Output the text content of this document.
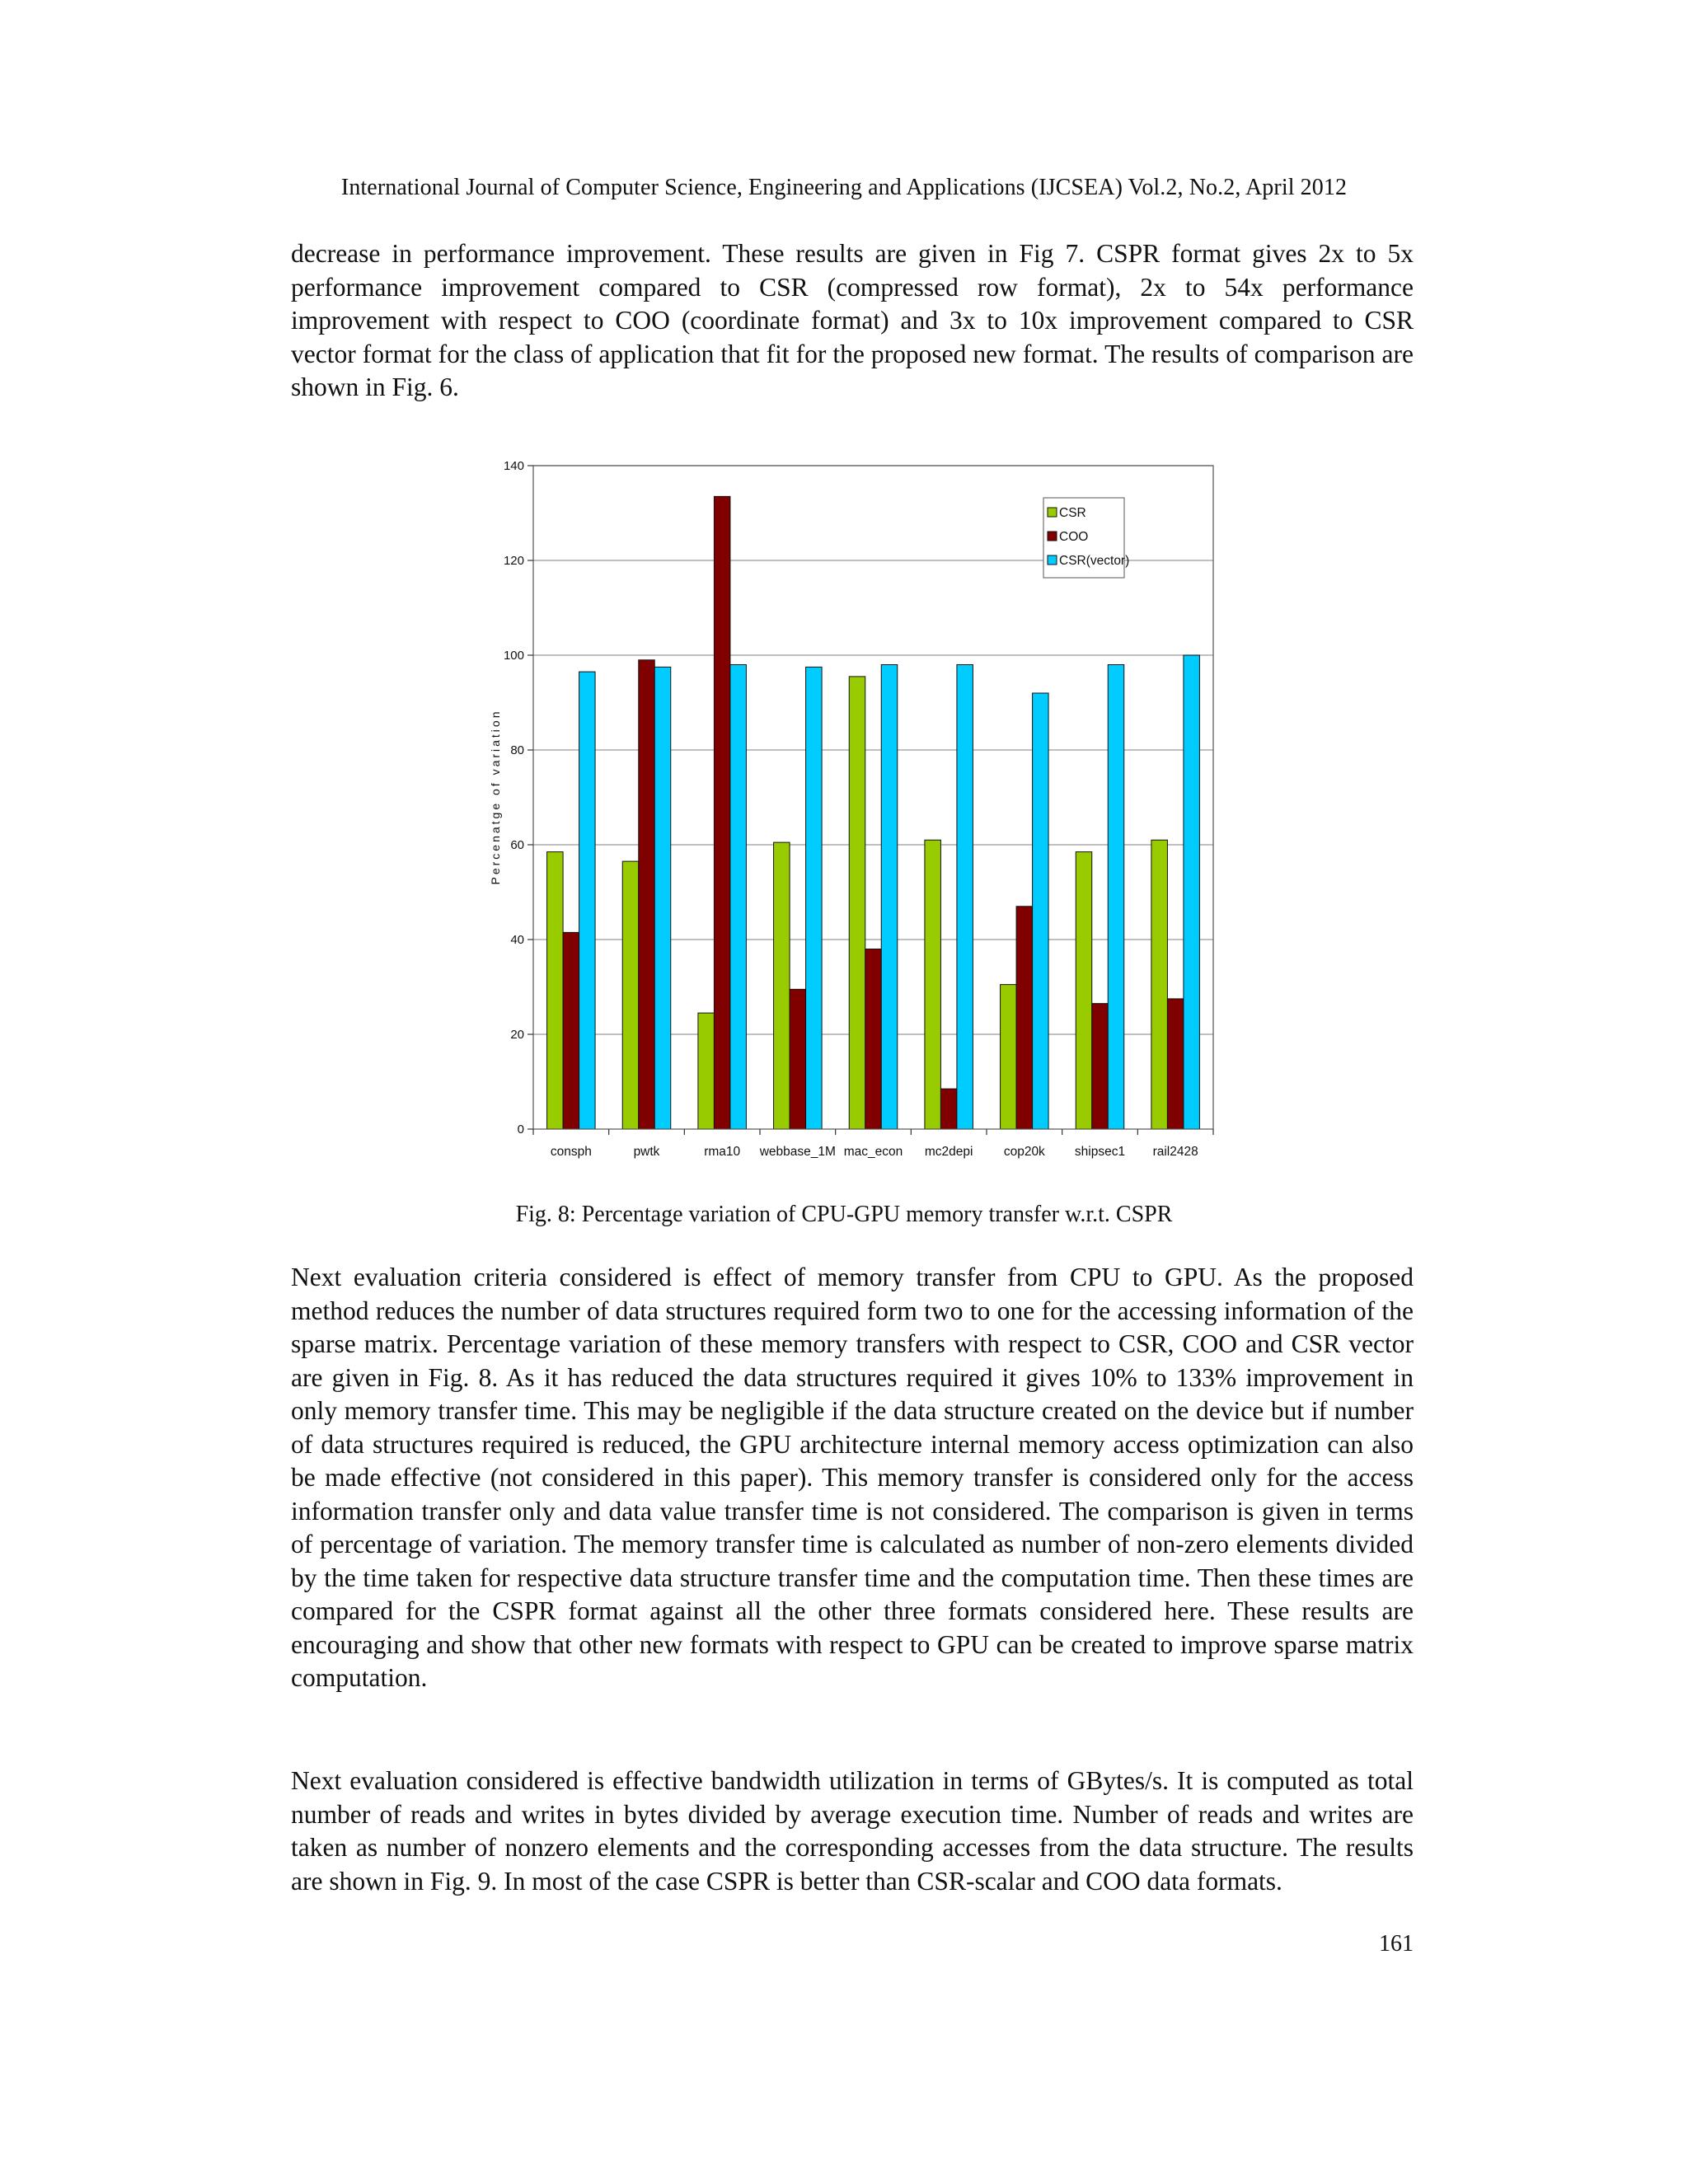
International Journal of Computer Science, Engineering and Applications (IJCSEA) Vol.2, No.2, April 2012

decrease in performance improvement. These results are given in Fig 7. CSPR format gives 2x to 5x performance improvement compared to CSR (compressed row format), 2x to 54x performance improvement with respect to COO (coordinate format) and 3x to 10x improvement compared to CSR vector format for the class of application that fit for the proposed new format. The results of comparison are shown in Fig. 6.

0
20
40
60
80
100
120
140
consph	pwtk	rma10 webbase_1M mac_econ mc2depi cop20k shipsec1 rail2428
Percenatge of variation
CSR
COO
CSR(vector)
Fig. 8: Percentage variation of CPU-GPU memory transfer w.r.t. CSPR

Next evaluation criteria considered is effect of memory transfer from CPU to GPU. As the proposed method reduces the number of data structures required form two to one for the accessing information of the sparse matrix. Percentage variation of these memory transfers with respect to CSR, COO and CSR vector are given in Fig. 8. As it has reduced the data structures required it gives 10% to 133% improvement in only memory transfer time. This may be negligible if the data structure created on the device but if number of data structures required is reduced, the GPU architecture internal memory access optimization can also be made effective (not considered in this paper). This memory transfer is considered only for the access information transfer only and data value transfer time is not considered. The comparison is given in terms of percentage of variation. The memory transfer time is calculated as number of non-zero elements divided by the time taken for respective data structure transfer time and the computation time. Then these times are compared for the CSPR format against all the other three formats considered here. These results are encouraging and show that other new formats with respect to GPU can be created to improve sparse matrix computation.

Next evaluation considered is effective bandwidth utilization in terms of GBytes/s. It is computed as total number of reads and writes in bytes divided by average execution time. Number of reads and writes are taken as number of nonzero elements and the corresponding accesses from the data structure. The results are shown in Fig. 9. In most of the case CSPR is better than CSR-scalar and COO data formats.

161
